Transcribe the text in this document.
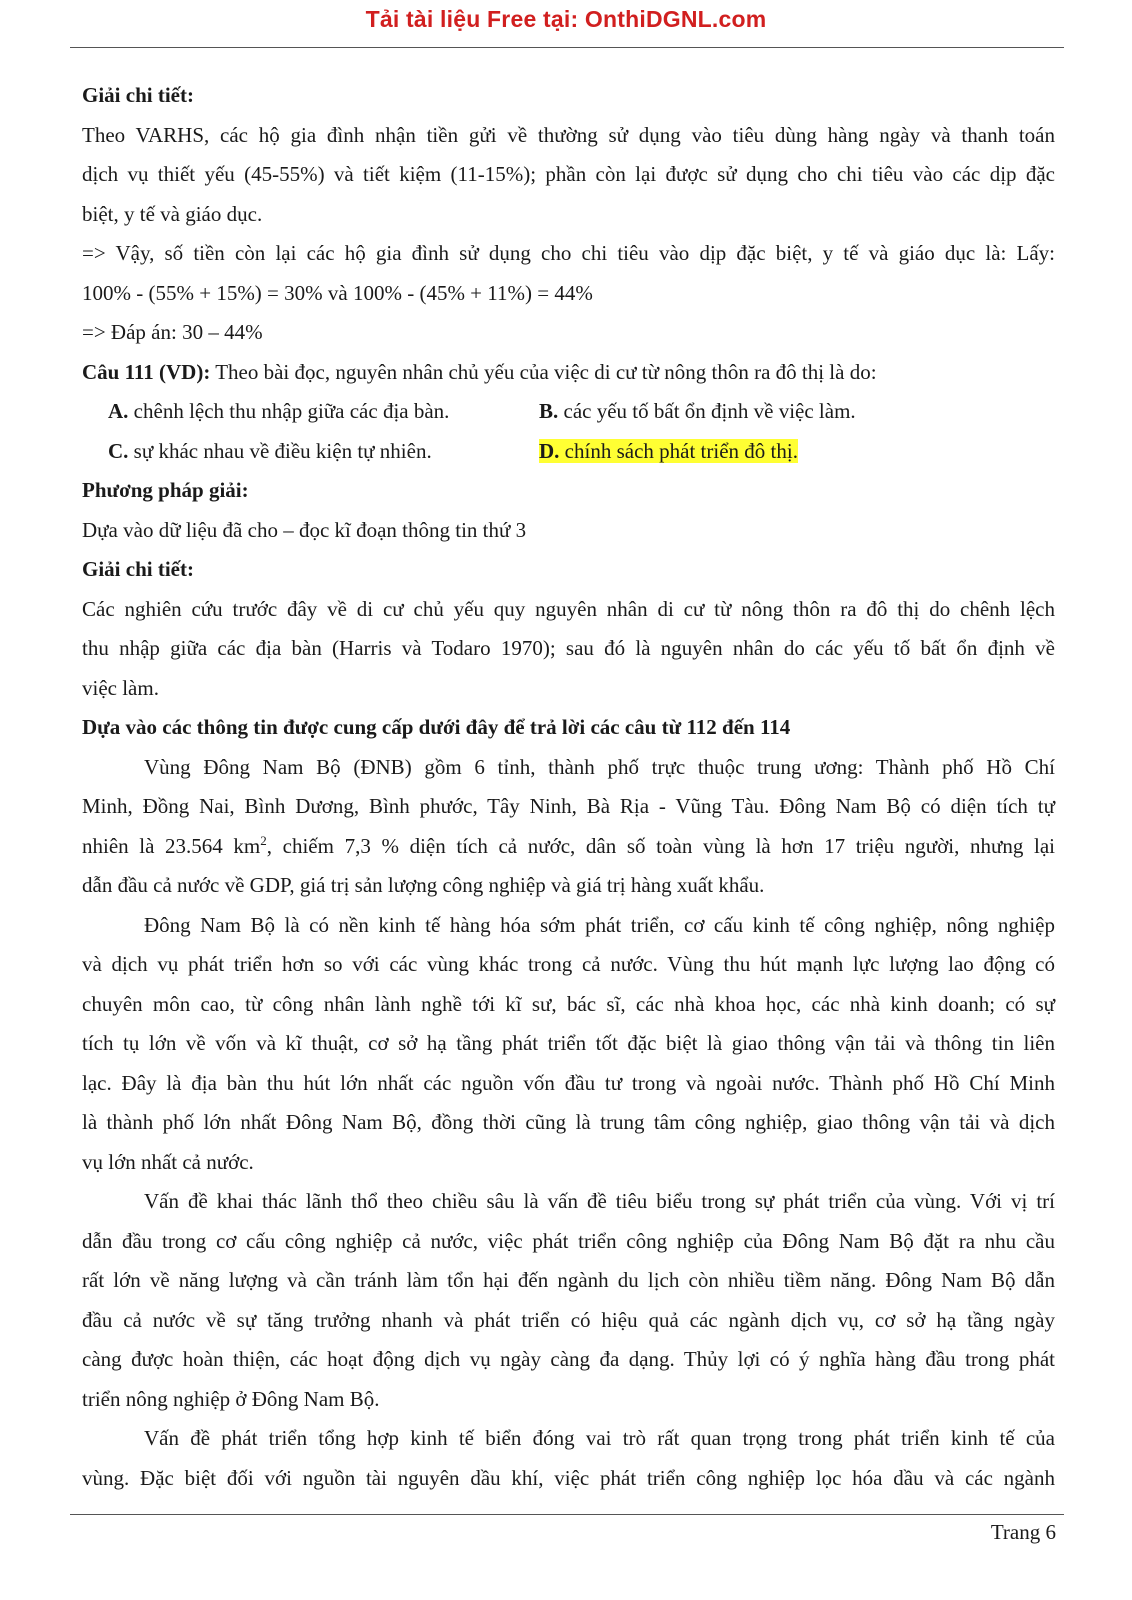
Tải tài liệu Free tại: OnthiDGNL.com
Giải chi tiết:
Theo VARHS, các hộ gia đình nhận tiền gửi về thường sử dụng vào tiêu dùng hàng ngày và thanh toán
dịch vụ thiết yếu (45-55%) và tiết kiệm (11-15%); phần còn lại được sử dụng cho chi tiêu vào các dịp đặc
biệt, y tế và giáo dục.
=> Vậy, số tiền còn lại các hộ gia đình sử dụng cho chi tiêu vào dịp đặc biệt, y tế và giáo dục là: Lấy:
100% - (55% + 15%) = 30% và 100% - (45% + 11%) = 44%
=> Đáp án: 30 – 44%
Câu 111 (VD): Theo bài đọc, nguyên nhân chủ yếu của việc di cư từ nông thôn ra đô thị là do:
A. chênh lệch thu nhập giữa các địa bàn.	B. các yếu tố bất ổn định về việc làm.
C. sự khác nhau về điều kiện tự nhiên.	D. chính sách phát triển đô thị.
Phương pháp giải:
Dựa vào dữ liệu đã cho – đọc kĩ đoạn thông tin thứ 3
Giải chi tiết:
Các nghiên cứu trước đây về di cư chủ yếu quy nguyên nhân di cư từ nông thôn ra đô thị do chênh lệch
thu nhập giữa các địa bàn (Harris và Todaro 1970); sau đó là nguyên nhân do các yếu tố bất ổn định về
việc làm.
Dựa vào các thông tin được cung cấp dưới đây để trả lời các câu từ 112 đến 114
Vùng Đông Nam Bộ (ĐNB) gồm 6 tỉnh, thành phố trực thuộc trung ương: Thành phố Hồ Chí
Minh, Đồng Nai, Bình Dương, Bình phước, Tây Ninh, Bà Rịa - Vũng Tàu. Đông Nam Bộ có diện tích tự
nhiên là 23.564 $km^2$, chiếm 7,3 % diện tích cả nước, dân số toàn vùng là hơn 17 triệu người, nhưng lại
dẫn đầu cả nước về GDP, giá trị sản lượng công nghiệp và giá trị hàng xuất khẩu.
Đông Nam Bộ là có nền kinh tế hàng hóa sớm phát triển, cơ cấu kinh tế công nghiệp, nông nghiệp
và dịch vụ phát triển hơn so với các vùng khác trong cả nước. Vùng thu hút mạnh lực lượng lao động có
chuyên môn cao, từ công nhân lành nghề tới kĩ sư, bác sĩ, các nhà khoa học, các nhà kinh doanh; có sự
tích tụ lớn về vốn và kĩ thuật, cơ sở hạ tầng phát triển tốt đặc biệt là giao thông vận tải và thông tin liên
lạc. Đây là địa bàn thu hút lớn nhất các nguồn vốn đầu tư trong và ngoài nước. Thành phố Hồ Chí Minh
là thành phố lớn nhất Đông Nam Bộ, đồng thời cũng là trung tâm công nghiệp, giao thông vận tải và dịch
vụ lớn nhất cả nước.
Vấn đề khai thác lãnh thổ theo chiều sâu là vấn đề tiêu biểu trong sự phát triển của vùng. Với vị trí
dẫn đầu trong cơ cấu công nghiệp cả nước, việc phát triển công nghiệp của Đông Nam Bộ đặt ra nhu cầu
rất lớn về năng lượng và cần tránh làm tổn hại đến ngành du lịch còn nhiều tiềm năng. Đông Nam Bộ dẫn
đầu cả nước về sự tăng trưởng nhanh và phát triển có hiệu quả các ngành dịch vụ, cơ sở hạ tầng ngày
càng được hoàn thiện, các hoạt động dịch vụ ngày càng đa dạng. Thủy lợi có ý nghĩa hàng đầu trong phát
triển nông nghiệp ở Đông Nam Bộ.
Vấn đề phát triển tổng hợp kinh tế biển đóng vai trò rất quan trọng trong phát triển kinh tế của
vùng. Đặc biệt đối với nguồn tài nguyên dầu khí, việc phát triển công nghiệp lọc hóa dầu và các ngành
Trang 6
